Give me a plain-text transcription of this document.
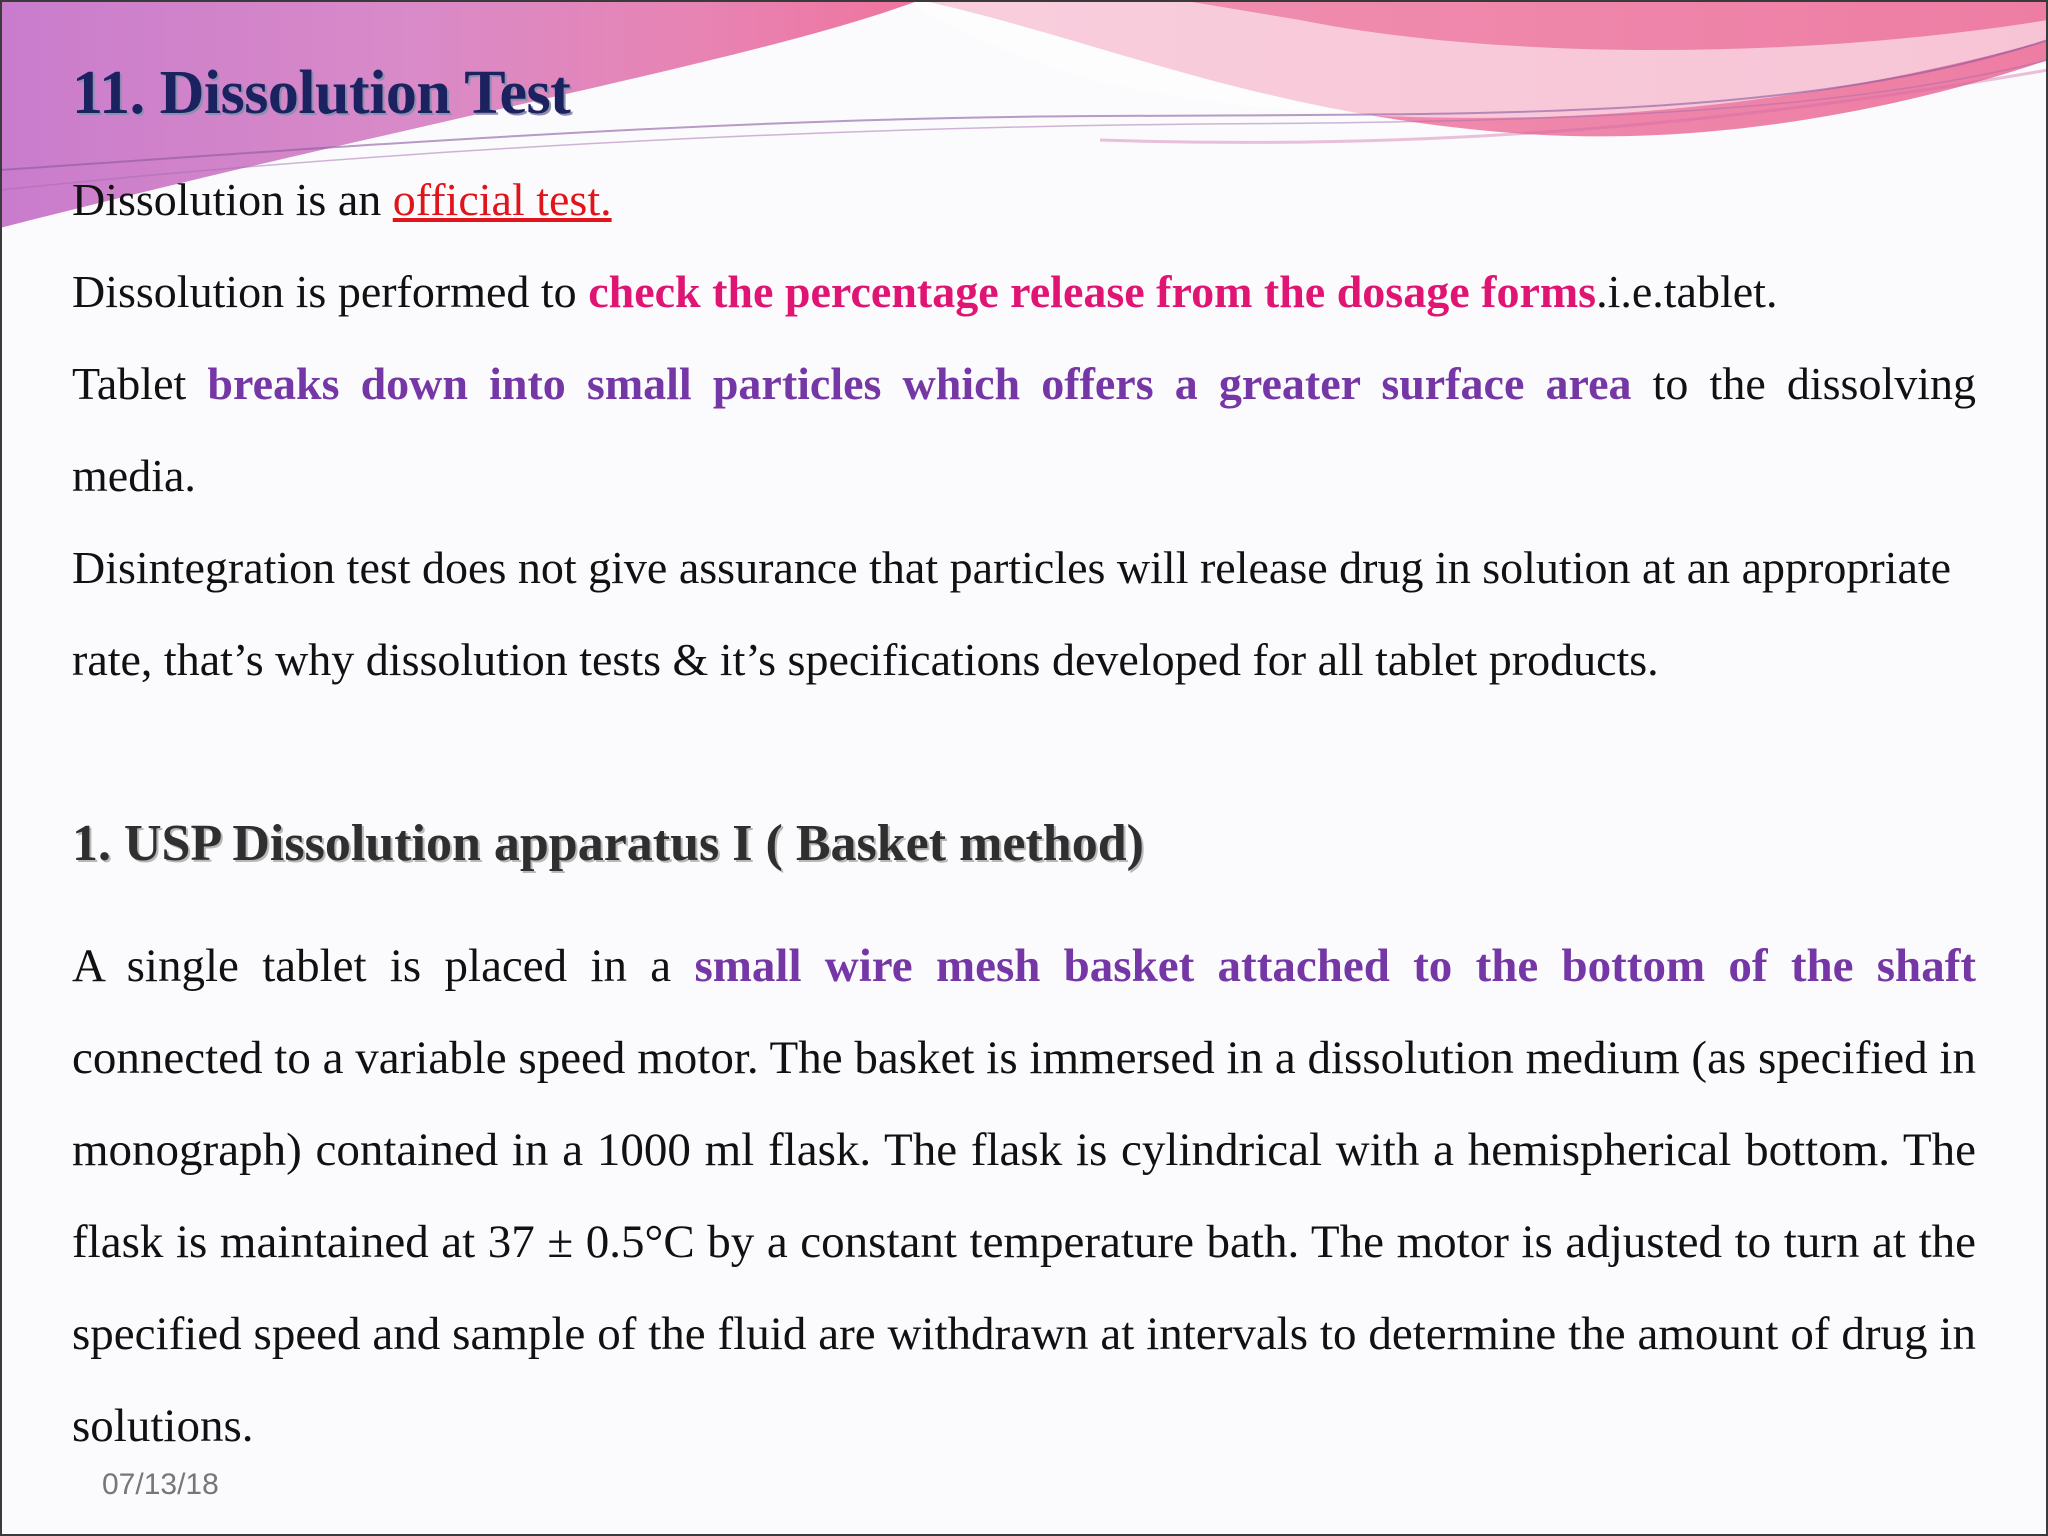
11. Dissolution Test

Dissolution is an official test.

Dissolution is performed to check the percentage release from the dosage forms.i.e.tablet.

Tablet breaks down into small particles which offers a greater surface area to the dissolving media.

Disintegration test does not give assurance that particles will release drug in solution at an appropriate rate, that’s why dissolution tests & it’s specifications developed for all tablet products.

1. USP Dissolution apparatus I ( Basket method)

A single tablet is placed in a small wire mesh basket attached to the bottom of the shaft connected to a variable speed motor. The basket is immersed in a dissolution medium (as specified in monograph) contained in a 1000 ml flask. The flask is cylindrical with a hemispherical bottom. The flask is maintained at 37 ± 0.5°C by a constant temperature bath. The motor is adjusted to turn at the specified speed and sample of the fluid are withdrawn at intervals to determine the amount of drug in solutions.

07/13/18
